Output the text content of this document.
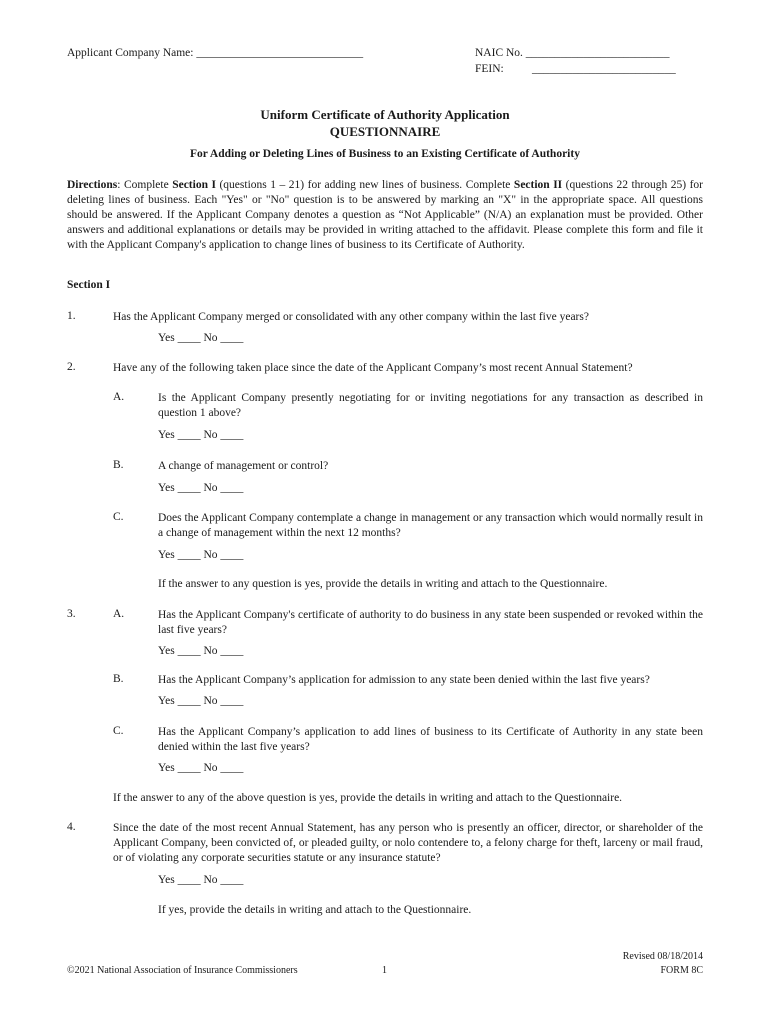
Applicant Company Name: _____________________________	NAIC No. _________________________
FEIN: _________________________
Uniform Certificate of Authority Application
QUESTIONNAIRE
For Adding or Deleting Lines of Business to an Existing Certificate of Authority
Directions: Complete Section I (questions 1 – 21) for adding new lines of business. Complete Section II (questions 22 through 25) for deleting lines of business. Each "Yes" or "No" question is to be answered by marking an "X" in the appropriate space. All questions should be answered. If the Applicant Company denotes a question as “Not Applicable” (N/A) an explanation must be provided. Other answers and additional explanations or details may be provided in writing attached to the affidavit. Please complete this form and file it with the Applicant Company's application to change lines of business to its Certificate of Authority.
Section I
1.	Has the Applicant Company merged or consolidated with any other company within the last five years?
Yes ____ No ____
2.	Have any of the following taken place since the date of the Applicant Company’s most recent Annual Statement?
A.	Is the Applicant Company presently negotiating for or inviting negotiations for any transaction as described in question 1 above?
Yes ____ No ____
B.	A change of management or control?
Yes ____ No ____
C.	Does the Applicant Company contemplate a change in management or any transaction which would normally result in a change of management within the next 12 months?
Yes ____ No ____
If the answer to any question is yes, provide the details in writing and attach to the Questionnaire.
3.	A.	Has the Applicant Company's certificate of authority to do business in any state been suspended or revoked within the last five years?
Yes ____ No ____
B.	Has the Applicant Company’s application for admission to any state been denied within the last five years?
Yes ____ No ____
C.	Has the Applicant Company’s application to add lines of business to its Certificate of Authority in any state been denied within the last five years?
Yes ____ No ____
If the answer to any of the above question is yes, provide the details in writing and attach to the Questionnaire.
4.	Since the date of the most recent Annual Statement, has any person who is presently an officer, director, or shareholder of the Applicant Company, been convicted of, or pleaded guilty, or nolo contendere to, a felony charge for theft, larceny or mail fraud, or of violating any corporate securities statute or any insurance statute?
Yes ____ No ____
If yes, provide the details in writing and attach to the Questionnaire.
©2021 National Association of Insurance Commissioners	1
Revised 08/18/2014
FORM 8C
